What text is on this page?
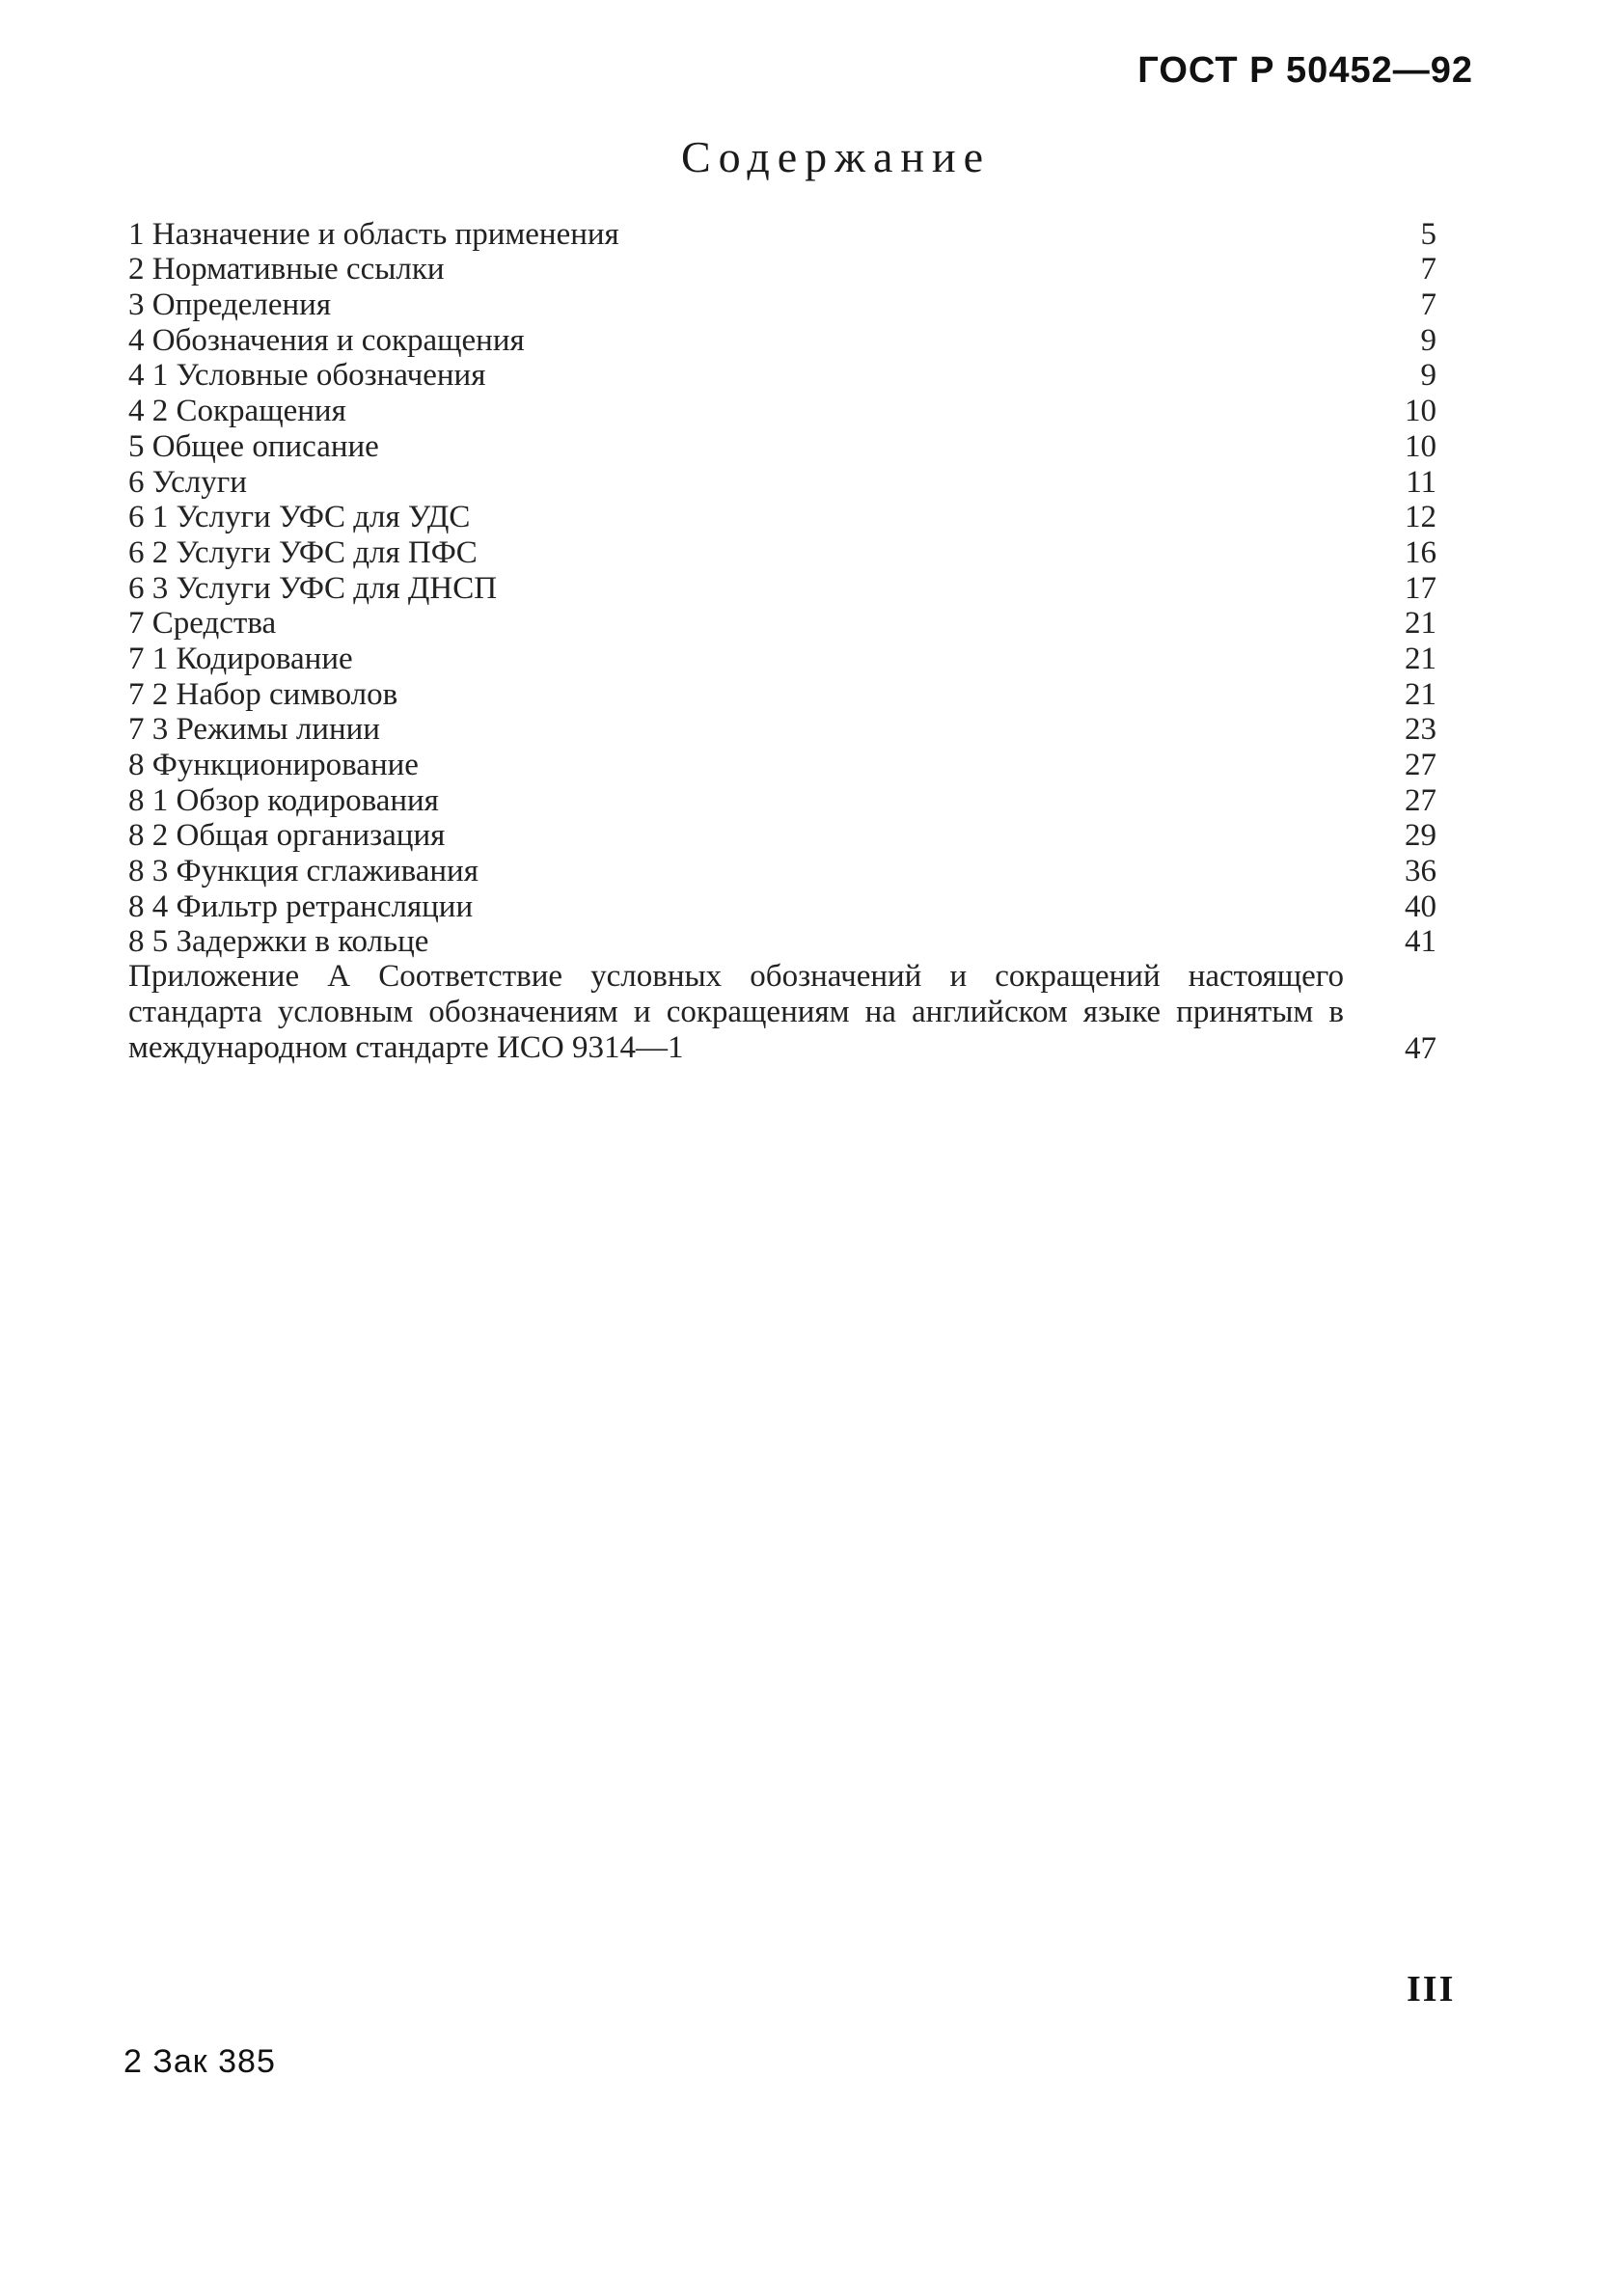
ГОСТ Р 50452—92
Содержание
1 Назначение и область применения	5
2 Нормативные ссылки	7
3 Определения	7
4 Обозначения и сокращения	9
4 1 Условные обозначения	9
4 2 Сокращения	10
5 Общее описание	10
6 Услуги	11
6 1 Услуги УФС для УДС	12
6 2 Услуги УФС для ПФС	16
6 3 Услуги УФС для ДНСП	17
7 Средства	21
7 1 Кодирование	21
7 2 Набор символов	21
7 3 Режимы линии	23
8 Функционирование	27
8 1 Обзор кодирования	27
8 2 Общая организация	29
8 3 Функция сглаживания	36
8 4 Фильтр ретрансляции	40
8 5 Задержки в кольце	41
Приложение А Соответствие условных обозначений и сокращений настоящего стандарта условным обозначениям и сокращениям на английском языке принятым в международном стандарте ИСО 9314—1	47
III
2 Зак 385
